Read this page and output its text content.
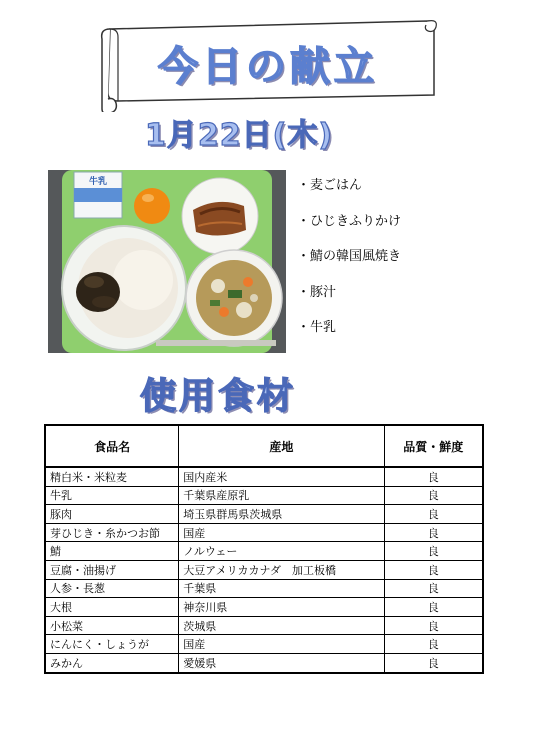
今日の献立
1月22日(木)
牛乳	・麦ごはん
・ひじきふりかけ
・鯖の韓国風焼き
・豚汁
・牛乳
使用食材
食品名	産地	品質・鮮度
精白米・米粒麦	国内産米	良
牛乳	千葉県産原乳	良
豚肉	埼玉県群馬県茨城県	良
芽ひじき・糸かつお節	国産	良
鯖	ノルウェー	良
豆腐・油揚げ	大豆アメリカカナダ　加工板橋	良
人参・長葱	千葉県	良
大根	神奈川県	良
小松菜	茨城県	良
にんにく・しょうが	国産	良
みかん	愛媛県	良
